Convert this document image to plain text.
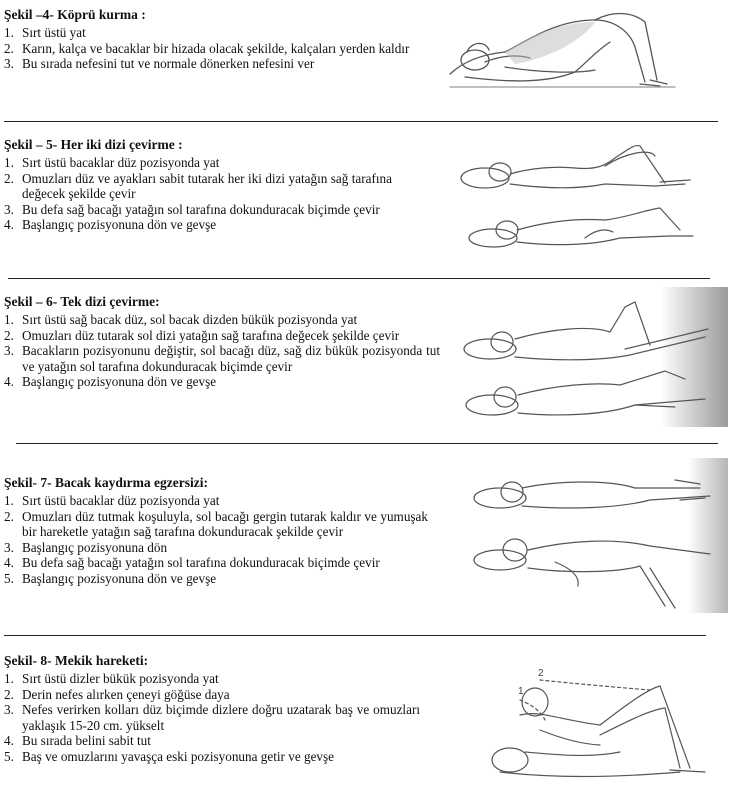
Şekil –4- Köprü kurma :
1. Sırt üstü yat
2. Karın, kalça ve bacaklar bir hizada olacak şekilde, kalçaları yerden kaldır
3. Bu sırada nefesini tut ve normale dönerken nefesini ver
Şekil – 5- Her iki dizi çevirme :
1. Sırt üstü bacaklar düz pozisyonda yat
2. Omuzları düz ve ayakları sabit tutarak her iki dizi yatağın sağ tarafına değecek şekilde çevir
3. Bu defa sağ bacağı yatağın sol tarafına dokunduracak biçimde çevir
4. Başlangıç pozisyonuna dön ve gevşe
Şekil – 6- Tek dizi çevirme:
1. Sırt üstü sağ bacak düz, sol bacak dizden bükük pozisyonda yat
2. Omuzları düz tutarak sol dizi yatağın sağ tarafına değecek şekilde çevir
3. Bacakların pozisyonunu değiştir, sol bacağı düz, sağ diz bükük pozisyonda tut ve yatağın sol tarafına dokunduracak biçimde çevir
4. Başlangıç pozisyonuna dön ve gevşe
Şekil- 7- Bacak kaydırma egzersizi:
1. Sırt üstü bacaklar düz pozisyonda yat
2. Omuzları düz tutmak koşuluyla, sol bacağı gergin tutarak kaldır ve yumuşak bir hareketle yatağın sağ tarafına dokunduracak şekilde çevir
3. Başlangıç pozisyonuna dön
4. Bu defa sağ bacağı yatağın sol tarafına dokunduracak biçimde çevir
5. Başlangıç pozisyonuna dön ve gevşe
Şekil- 8- Mekik hareketi:
1. Sırt üstü dizler bükük pozisyonda yat
2. Derin nefes alırken çeneyi göğüse daya
3. Nefes verirken kolları düz biçimde dizlere doğru uzatarak baş ve omuzları yaklaşık 15-20 cm. yükselt
4. Bu sırada belini sabit tut
5. Baş ve omuzlarını yavaşça eski pozisyonuna getir ve gevşe
2
1
